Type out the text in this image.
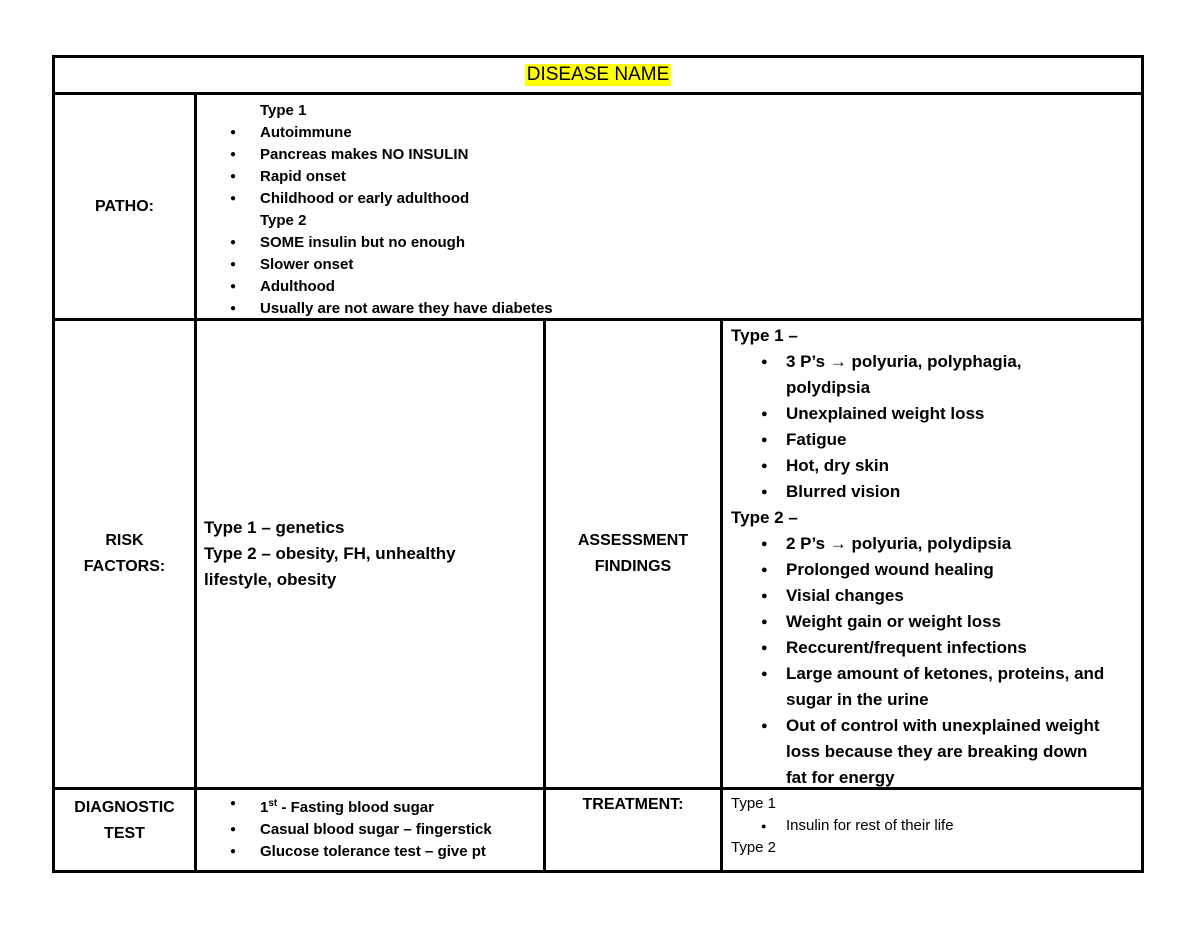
DISEASE NAME
PATHO:
Type 1
● Autoimmune
● Pancreas makes NO INSULIN
● Rapid onset
● Childhood or early adulthood
Type 2
● SOME insulin but no enough
● Slower onset
● Adulthood
● Usually are not aware they have diabetes
RISK
FACTORS:
Type 1 – genetics
Type 2 – obesity, FH, unhealthy
lifestyle, obesity
ASSESSMENT
FINDINGS
Type 1 –
● 3 P’s → polyuria, polyphagia,
polydipsia
● Unexplained weight loss
● Fatigue
● Hot, dry skin
● Blurred vision
Type 2 –
● 2 P’s → polyuria, polydipsia
● Prolonged wound healing
● Visial changes
● Weight gain or weight loss
● Reccurent/frequent infections
● Large amount of ketones, proteins, and
sugar in the urine
● Out of control with unexplained weight
loss because they are breaking down
fat for energy
DIAGNOSTIC
TEST
● 1st - Fasting blood sugar
● Casual blood sugar – fingerstick
● Glucose tolerance test – give pt
TREATMENT:	Type 1
● Insulin for rest of their life
Type 2
